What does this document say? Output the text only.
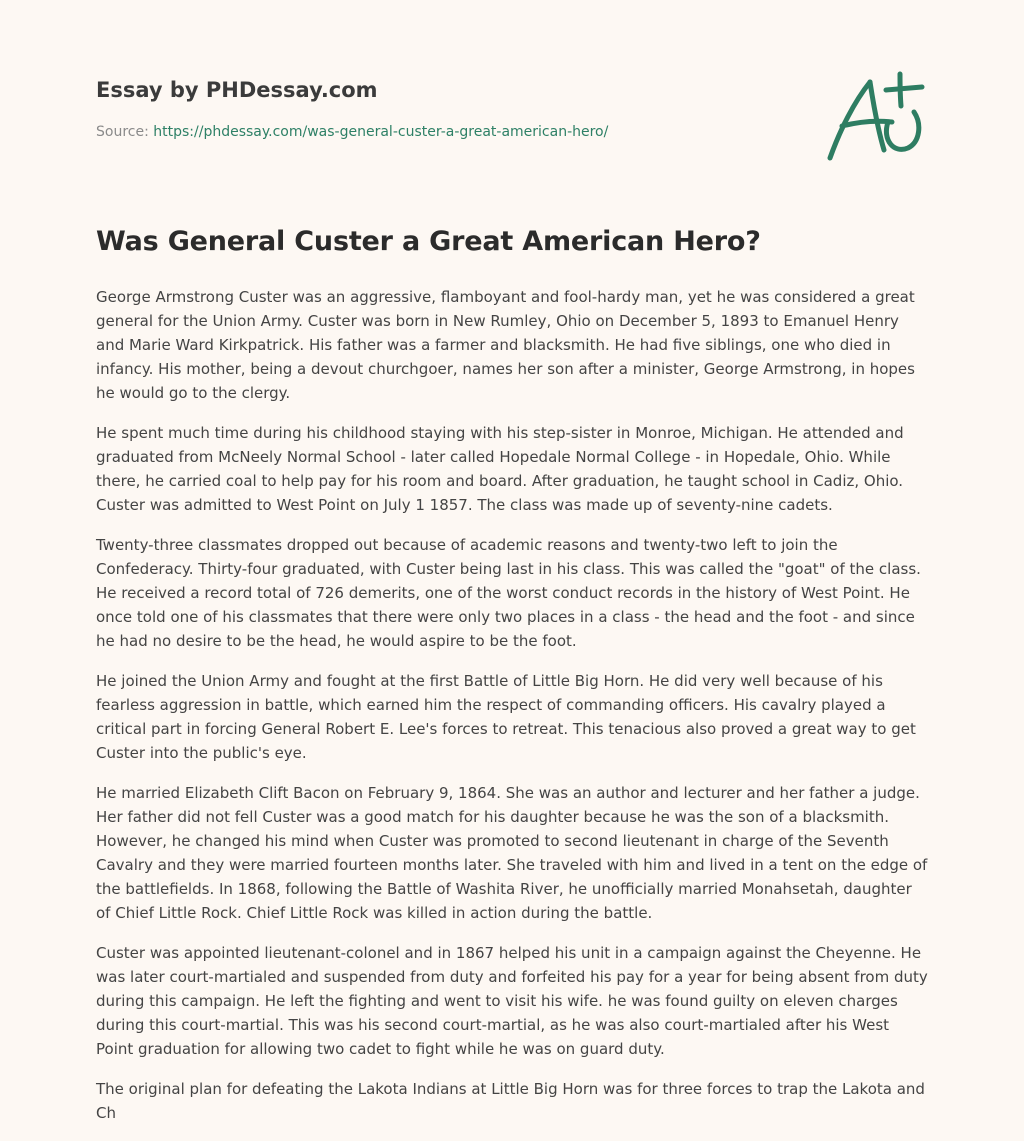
Essay by PHDessay.com

Source: https://phdessay.com/was-general-custer-a-great-american-hero/

Was General Custer a Great American Hero?

George Armstrong Custer was an aggressive, flamboyant and fool-hardy man, yet he was considered a great general for the Union Army. Custer was born in New Rumley, Ohio on December 5, 1893 to Emanuel Henry and Marie Ward Kirkpatrick. His father was a farmer and blacksmith. He had five siblings, one who died in infancy. His mother, being a devout churchgoer, names her son after a minister, George Armstrong, in hopes he would go to the clergy.

He spent much time during his childhood staying with his step-sister in Monroe, Michigan. He attended and graduated from McNeely Normal School - later called Hopedale Normal College - in Hopedale, Ohio. While there, he carried coal to help pay for his room and board. After graduation, he taught school in Cadiz, Ohio. Custer was admitted to West Point on July 1 1857. The class was made up of seventy-nine cadets.

Twenty-three classmates dropped out because of academic reasons and twenty-two left to join the Confederacy. Thirty-four graduated, with Custer being last in his class. This was called the "goat" of the class. He received a record total of 726 demerits, one of the worst conduct records in the history of West Point. He once told one of his classmates that there were only two places in a class - the head and the foot - and since he had no desire to be the head, he would aspire to be the foot.

He joined the Union Army and fought at the first Battle of Little Big Horn. He did very well because of his fearless aggression in battle, which earned him the respect of commanding officers. His cavalry played a critical part in forcing General Robert E. Lee's forces to retreat. This tenacious also proved a great way to get Custer into the public's eye.

He married Elizabeth Clift Bacon on February 9, 1864. She was an author and lecturer and her father a judge. Her father did not fell Custer was a good match for his daughter because he was the son of a blacksmith. However, he changed his mind when Custer was promoted to second lieutenant in charge of the Seventh Cavalry and they were married fourteen months later. She traveled with him and lived in a tent on the edge of the battlefields. In 1868, following the Battle of Washita River, he unofficially married Monahsetah, daughter of Chief Little Rock. Chief Little Rock was killed in action during the battle.

Custer was appointed lieutenant-colonel and in 1867 helped his unit in a campaign against the Cheyenne. He was later court-martialed and suspended from duty and forfeited his pay for a year for being absent from duty during this campaign. He left the fighting and went to visit his wife. he was found guilty on eleven charges during this court-martial. This was his second court-martial, as he was also court-martialed after his West Point graduation for allowing two cadet to fight while he was on guard duty.

The original plan for defeating the Lakota Indians at Little Big Horn was for three forces to trap the Lakota and Ch
